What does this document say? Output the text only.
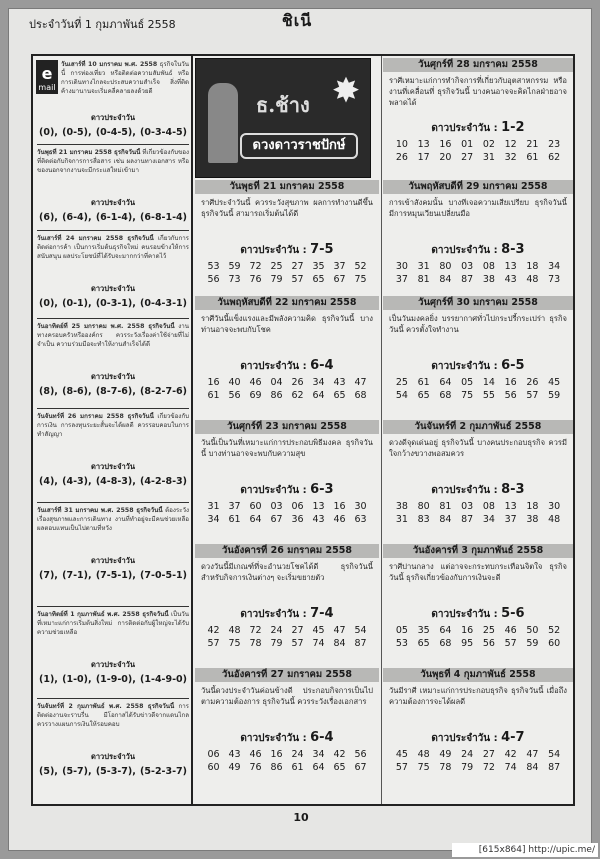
ประจำวันที่ 1 กุมภาพันธ์ 2558	ชิเนี
e
mail
วันเสาร์ที่ 10 มกราคม พ.ศ. 2558 ธุรกิจในวันนี้ การท่องเที่ยว หรือติดต่อความสัมพันธ์ หรือการเดินทางไกลจะประสบความสำเร็จ สิ่งที่ติดค้างมานานจะเริ่มคลี่คลายลงด้วยดี
ดาวประจำวัน
(0), (0-5), (0-4-5), (0-3-4-5)
วันพุธที่ 21 มกราคม 2558 ธุรกิจวันนี้ ที่เกี่ยวข้องกับของที่ติดต่อกับกิจการการสื่อสาร เช่น ผลงานทางเอกสาร หรือของนอกจากงานจะมีกระแสใหม่เข้ามา
ดาวประจำวัน
(6), (6-4), (6-1-4), (6-8-1-4)
วันเสาร์ที่ 24 มกราคม 2558 ธุรกิจวันนี้ เกี่ยวกับการติดต่อการค้า เป็นการเริ่มต้นธุรกิจใหม่ คนรอบข้างให้การสนับสนุน ผลประโยชน์ที่ได้รับจะมากกว่าที่คาดไว้
ดาวประจำวัน
(0), (0-1), (0-3-1), (0-4-3-1)
วันอาทิตย์ที่ 25 มกราคม พ.ศ. 2558 ธุรกิจวันนี้ งานทางครอบครัวหรือองค์กร ควรระวังเรื่องค่าใช้จ่ายที่ไม่จำเป็น ความร่วมมือจะทำให้งานสำเร็จได้ดี
ดาวประจำวัน
(8), (8-6), (8-7-6), (8-2-7-6)
วันจันทร์ที่ 26 มกราคม 2558 ธุรกิจวันนี้ เกี่ยวข้องกับการเงิน การลงทุนระยะสั้นจะได้ผลดี ควรรอบคอบในการทำสัญญา
ดาวประจำวัน
(4), (4-3), (4-8-3), (4-2-8-3)
วันเสาร์ที่ 31 มกราคม พ.ศ. 2558 ธุรกิจวันนี้ ต้องระวังเรื่องสุขภาพและการเดินทาง งานที่ทำอยู่จะมีคนช่วยเหลือ ผลตอบแทนเป็นไปตามที่หวัง
ดาวประจำวัน
(7), (7-1), (7-5-1), (7-0-5-1)
วันอาทิตย์ที่ 1 กุมภาพันธ์ พ.ศ. 2558 ธุรกิจวันนี้ เป็นวันที่เหมาะแก่การเริ่มต้นสิ่งใหม่ การติดต่อกับผู้ใหญ่จะได้รับความช่วยเหลือ
ดาวประจำวัน
(1), (1-0), (1-9-0), (1-4-9-0)
วันจันทร์ที่ 2 กุมภาพันธ์ พ.ศ. 2558 ธุรกิจวันนี้ การติดต่องานจะราบรื่น มีโอกาสได้รับข่าวดีจากแดนไกล ควรวางแผนการเงินให้รอบคอบ
ดาวประจำวัน
(5), (5-7), (5-3-7), (5-2-3-7)
✸
ธ.ช้าง
ดวงดาวราชปักษ์
วันศุกร์ที่ 28 มกราคม 2558
ราศีเหมาะแก่การทำกิจการที่เกี่ยวกับอุตสาหกรรม หรืองานที่เคลื่อนที่ ธุรกิจวันนี้ บางคนอาจจะคิดไกลฝ่ายอาจพลาดได้
ดาวประจำวัน : 1-2
10	13	16	01	02	12	21	23
26	17	20	27	31	32	61	62
วันพุธที่ 21 มกราคม 2558
ราศีประจำวันนี้ ควรระวังสุขภาพ ผลการทำงานดีขึ้น ธุรกิจวันนี้ สามารถเริ่มต้นได้ดี
ดาวประจำวัน : 7-5
53 59 72 25 27 35 37 52
56 73 76 79 57 65 67 75
วันพฤหัสบดีที่ 29 มกราคม 2558
การเข้าสังคมนั้น บางทีเจอความเสียเปรียบ ธุรกิจวันนี้ มีการหมุนเวียนเปลี่ยนมือ
ดาวประจำวัน : 8-3
30	31	80	03	08	13	18	34
37	81	84	87	38	43	48	73
วันพฤหัสบดีที่ 22 มกราคม 2558
ราศีวันนี้แข็งแรงและมีพลังความคิด ธุรกิจวันนี้ บางท่านอาจจะพบกับโชค
ดาวประจำวัน : 6-4
16 40 46 04 26 34 43 47
61 56 69 86 62 64 65 68
วันศุกร์ที่ 30 มกราคม 2558
เป็นวันมงคลยิ่ง บรรยากาศทั่วไปกระปรี้กระเปร่า ธุรกิจวันนี้ ควรตั้งใจทำงาน
ดาวประจำวัน : 6-5
25	61	64	05	14	16	26	45
54	65	68	75	55	56	57	59
วันศุกร์ที่ 23 มกราคม 2558
วันนี้เป็นวันที่เหมาะแก่การประกอบพิธีมงคล ธุรกิจวันนี้ บางท่านอาจจะพบกับความสุข
ดาวประจำวัน : 6-3
31 37 60 03 06 13 16 30
34 61 64 67 36 43 46 63
วันจันทร์ที่ 2 กุมภาพันธ์ 2558
ดวงดีจุดเด่นอยู่ ธุรกิจวันนี้ บางคนประกอบธุรกิจ ควรมีใจกว้างขวางพอสมควร
ดาวประจำวัน : 8-3
38	80	81	03	08	13	18	30
31	83	84	87	34	37	38	48
วันอังคารที่ 26 มกราคม 2558
ดวงวันนี้มีเกณฑ์ที่จะอำนวยโชคได้ดี ธุรกิจวันนี้ สำหรับกิจการเงินต่างๆ จะเริ่มขยายตัว
ดาวประจำวัน : 7-4
42 48 72 24 27 45 47 54
57 75 78 79 57 74 84 87
วันอังคารที่ 3 กุมภาพันธ์ 2558
ราศีปานกลาง แต่อาจจะกระทบกระเทือนจิตใจ ธุรกิจวันนี้ ธุรกิจเกี่ยวข้องกับการเงินจะดี
ดาวประจำวัน : 5-6
05	35	64	16	25	46	50	52
53	65	68	95	56	57	59	60
วันอังคารที่ 27 มกราคม 2558
วันนี้ดวงประจำวันค่อนข้างดี ประกอบกิจการเป็นไปตามความต้องการ ธุรกิจวันนี้ ควรระวังเรื่องเอกสาร
ดาวประจำวัน : 6-4
06 43 46 16 24 34 42 56
60 49 76 86 61 64 65 67
วันพุธที่ 4 กุมภาพันธ์ 2558
วันมีราศี เหมาะแก่การประกอบธุรกิจ ธุรกิจวันนี้ เมื่อถึงความต้องการจะได้ผลดี
ดาวประจำวัน : 4-7
45	48	49	24	27	42	47	54
57	75	78	79	72	74	84	87
10
[615x864] http://upic.me/
